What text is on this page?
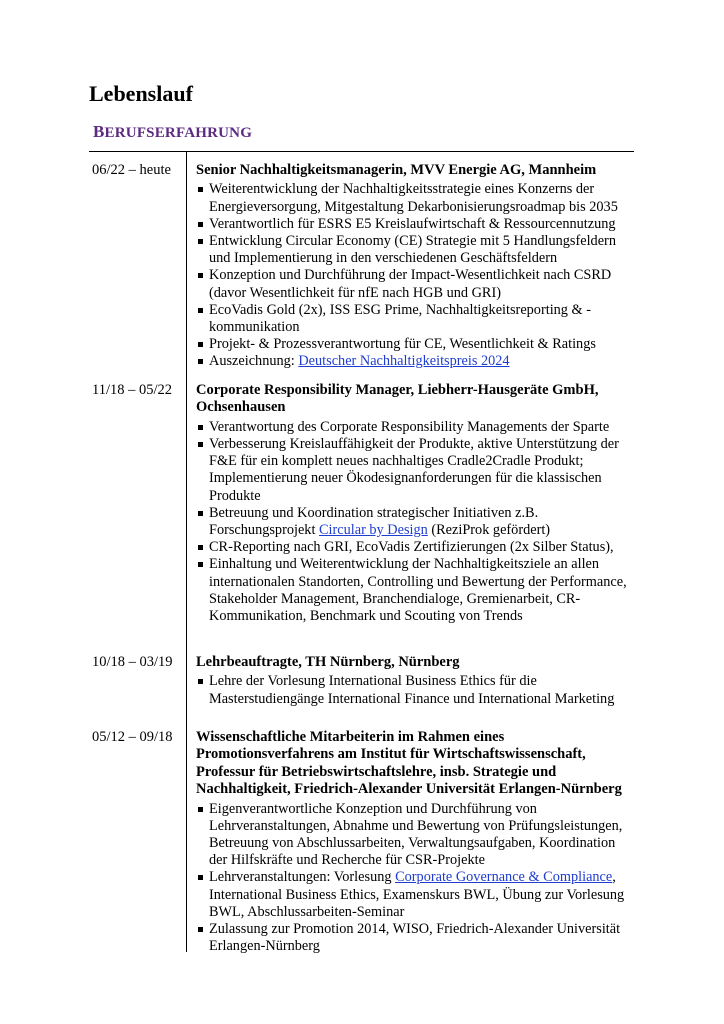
Lebenslauf
BERUFSERFAHRUNG
06/22 – heute Senior Nachhaltigkeitsmanagerin, MVV Energie AG, Mannheim
Weiterentwicklung der Nachhaltigkeitsstrategie eines Konzerns der Energieversorgung, Mitgestaltung Dekarbonisierungsroadmap bis 2035
Verantwortlich für ESRS E5 Kreislaufwirtschaft & Ressourcennutzung
Entwicklung Circular Economy (CE) Strategie mit 5 Handlungsfeldern und Implementierung in den verschiedenen Geschäftsfeldern
Konzeption und Durchführung der Impact-Wesentlichkeit nach CSRD (davor Wesentlichkeit für nfE nach HGB und GRI)
EcoVadis Gold (2x), ISS ESG Prime, Nachhaltigkeitsreporting & -kommunikation
Projekt- & Prozessverantwortung für CE, Wesentlichkeit & Ratings
Auszeichnung: Deutscher Nachhaltigkeitspreis 2024
11/18 – 05/22 Corporate Responsibility Manager, Liebherr-Hausgeräte GmbH, Ochsenhausen
Verantwortung des Corporate Responsibility Managements der Sparte
Verbesserung Kreislauffähigkeit der Produkte, aktive Unterstützung der F&E für ein komplett neues nachhaltiges Cradle2Cradle Produkt; Implementierung neuer Ökodesignanforderungen für die klassischen Produkte
Betreuung und Koordination strategischer Initiativen z.B. Forschungsprojekt Circular by Design (ReziProk gefördert)
CR-Reporting nach GRI, EcoVadis Zertifizierungen (2x Silber Status),
Einhaltung und Weiterentwicklung der Nachhaltigkeitsziele an allen internationalen Standorten, Controlling und Bewertung der Performance, Stakeholder Management, Branchendialoge, Gremienarbeit, CR-Kommunikation, Benchmark und Scouting von Trends
10/18 – 03/19 Lehrbeauftragte, TH Nürnberg, Nürnberg
Lehre der Vorlesung International Business Ethics für die Masterstudiengänge International Finance und International Marketing
05/12 – 09/18 Wissenschaftliche Mitarbeiterin im Rahmen eines Promotionsverfahrens am Institut für Wirtschaftswissenschaft, Professur für Betriebswirtschaftslehre, insb. Strategie und Nachhaltigkeit, Friedrich-Alexander Universität Erlangen-Nürnberg
Eigenverantwortliche Konzeption und Durchführung von Lehrveranstaltungen, Abnahme und Bewertung von Prüfungsleistungen, Betreuung von Abschlussarbeiten, Verwaltungsaufgaben, Koordination der Hilfskräfte und Recherche für CSR-Projekte
Lehrveranstaltungen: Vorlesung Corporate Governance & Compliance, International Business Ethics, Examenskurs BWL, Übung zur Vorlesung BWL, Abschlussarbeiten-Seminar
Zulassung zur Promotion 2014, WISO, Friedrich-Alexander Universität Erlangen-Nürnberg
